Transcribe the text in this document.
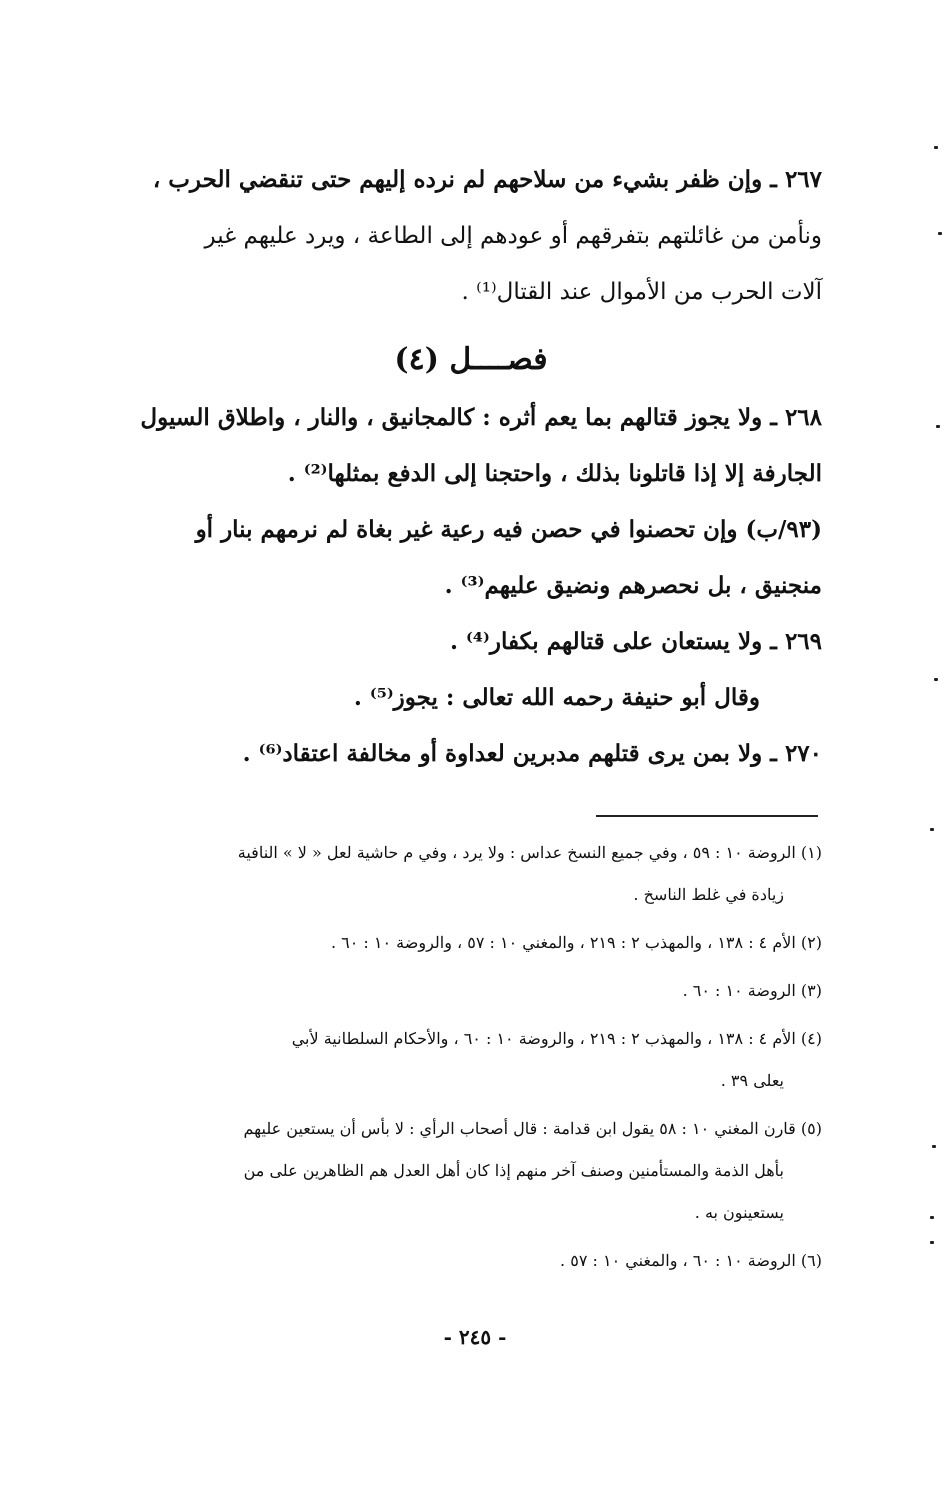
٢٦٧ ـ وإن ظفر بشيء من سلاحهم لم نرده إليهم حتى تنقضي الحرب ،
ونأمن من غائلتهم بتفرقهم أو عودهم إلى الطاعة ، ويرد عليهم غير
آلات الحرب من الأموال عند القتال⁽¹⁾ .
فصــــل (٤)
٢٦٨ ـ ولا يجوز قتالهم بما يعم أثره : كالمجانيق ، والنار ، واطلاق السيول
الجارفة إلا إذا قاتلونا بذلك ، واحتجنا إلى الدفع بمثلها⁽²⁾ .
(٩٣/ب) وإن تحصنوا في حصن فيه رعية غير بغاة لم نرمهم بنار أو
منجنيق ، بل نحصرهم ونضيق عليهم⁽³⁾ .
٢٦٩ ـ ولا يستعان على قتالهم بكفار⁽⁴⁾ .
وقال أبو حنيفة رحمه الله تعالى : يجوز⁽⁵⁾ .
٢٧٠ ـ ولا بمن يرى قتلهم مدبرين لعداوة أو مخالفة اعتقاد⁽⁶⁾ .
(١) الروضة ١٠ : ٥٩ ، وفي جميع النسخ عداس : ولا يرد ، وفي م حاشية لعل « لا » النافية
زيادة في غلط الناسخ .
(٢) الأم ٤ : ١٣٨ ، والمهذب ٢ : ٢١٩ ، والمغني ١٠ : ٥٧ ، والروضة ١٠ : ٦٠ .
(٣) الروضة ١٠ : ٦٠ .
(٤) الأم ٤ : ١٣٨ ، والمهذب ٢ : ٢١٩ ، والروضة ١٠ : ٦٠ ، والأحكام السلطانية لأبي
يعلى ٣٩ .
(٥) قارن المغني ١٠ : ٥٨ يقول ابن قدامة : قال أصحاب الرأي : لا بأس أن يستعين عليهم
بأهل الذمة والمستأمنين وصنف آخر منهم إذا كان أهل العدل هم الظاهرين على من
يستعينون به .
(٦) الروضة ١٠ : ٦٠ ، والمغني ١٠ : ٥٧ .
- ٢٤٥ -
